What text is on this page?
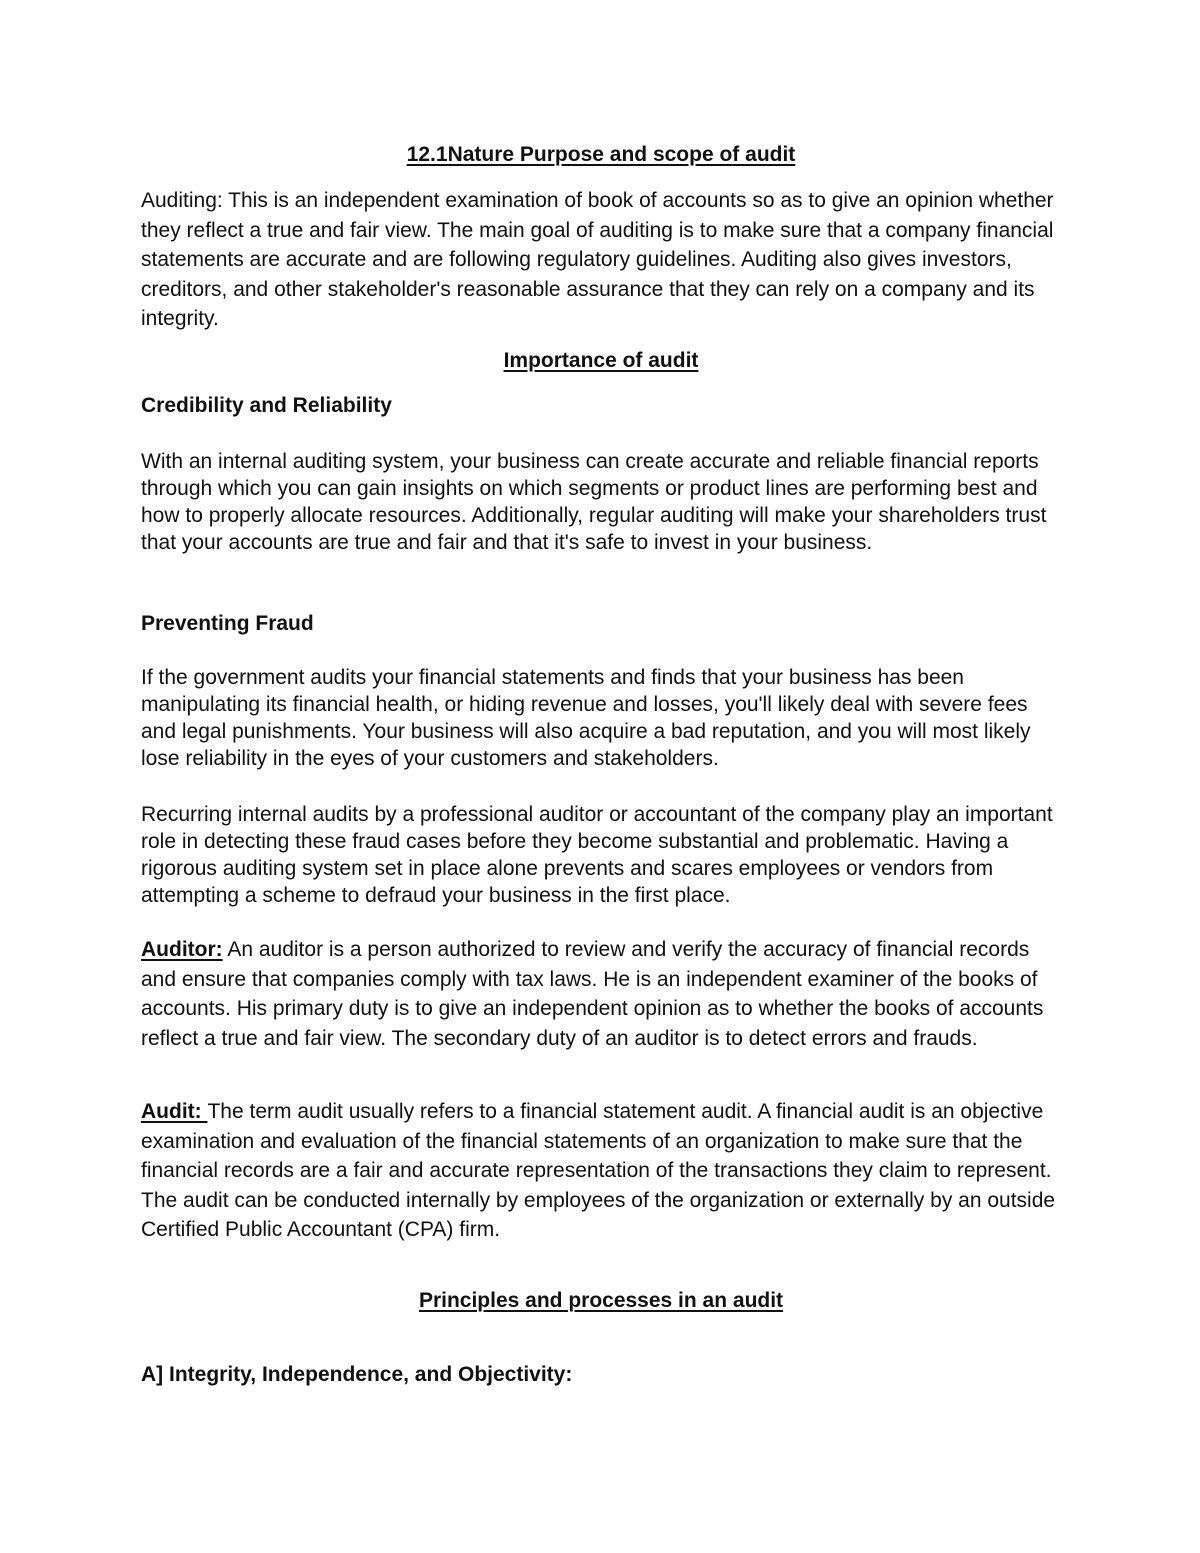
12.1Nature Purpose and scope of audit

Auditing: This is an independent examination of book of accounts so as to give an opinion whether they reflect a true and fair view. The main goal of auditing is to make sure that a company financial statements are accurate and are following regulatory guidelines. Auditing also gives investors, creditors, and other stakeholder's reasonable assurance that they can rely on a company and its integrity.

Importance of audit
Credibility and Reliability

With an internal auditing system, your business can create accurate and reliable financial reports through which you can gain insights on which segments or product lines are performing best and how to properly allocate resources. Additionally, regular auditing will make your shareholders trust that your accounts are true and fair and that it's safe to invest in your business.

Preventing Fraud

If the government audits your financial statements and finds that your business has been manipulating its financial health, or hiding revenue and losses, you'll likely deal with severe fees and legal punishments. Your business will also acquire a bad reputation, and you will most likely lose reliability in the eyes of your customers and stakeholders.

Recurring internal audits by a professional auditor or accountant of the company play an important role in detecting these fraud cases before they become substantial and problematic. Having a rigorous auditing system set in place alone prevents and scares employees or vendors from attempting a scheme to defraud your business in the first place.

Auditor: An auditor is a person authorized to review and verify the accuracy of financial records and ensure that companies comply with tax laws. He is an independent examiner of the books of accounts. His primary duty is to give an independent opinion as to whether the books of accounts reflect a true and fair view. The secondary duty of an auditor is to detect errors and frauds.

Audit: The term audit usually refers to a financial statement audit. A financial audit is an objective examination and evaluation of the financial statements of an organization to make sure that the financial records are a fair and accurate representation of the transactions they claim to represent. The audit can be conducted internally by employees of the organization or externally by an outside Certified Public Accountant (CPA) firm.

Principles and processes in an audit
A] Integrity, Independence, and Objectivity:
